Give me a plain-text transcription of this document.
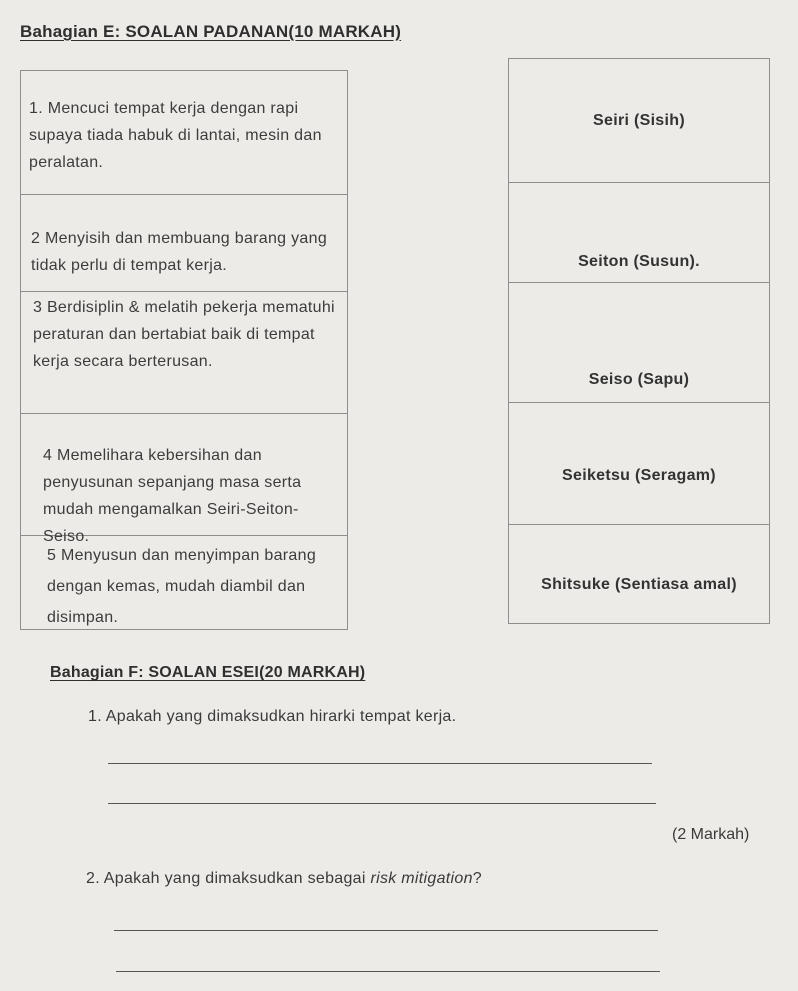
Bahagian E: SOALAN PADANAN(10 MARKAH)
1. Mencuci tempat kerja dengan rapi supaya tiada habuk di lantai, mesin dan peralatan.
2 Menyisih dan membuang barang yang tidak perlu di tempat kerja.
3 Berdisiplin & melatih pekerja mematuhi peraturan dan bertabiat baik di tempat kerja secara berterusan.
4 Memelihara kebersihan dan penyusunan sepanjang masa serta mudah mengamalkan Seiri-Seiton-Seiso.
5 Menyusun dan menyimpan barang dengan kemas, mudah diambil dan disimpan.
Seiri (Sisih)
Seiton (Susun).
Seiso (Sapu)
Seiketsu (Seragam)
Shitsuke (Sentiasa amal)
Bahagian F: SOALAN ESEI(20 MARKAH)
1. Apakah yang dimaksudkan hirarki tempat kerja.
(2 Markah)
2. Apakah yang dimaksudkan sebagai risk mitigation?
